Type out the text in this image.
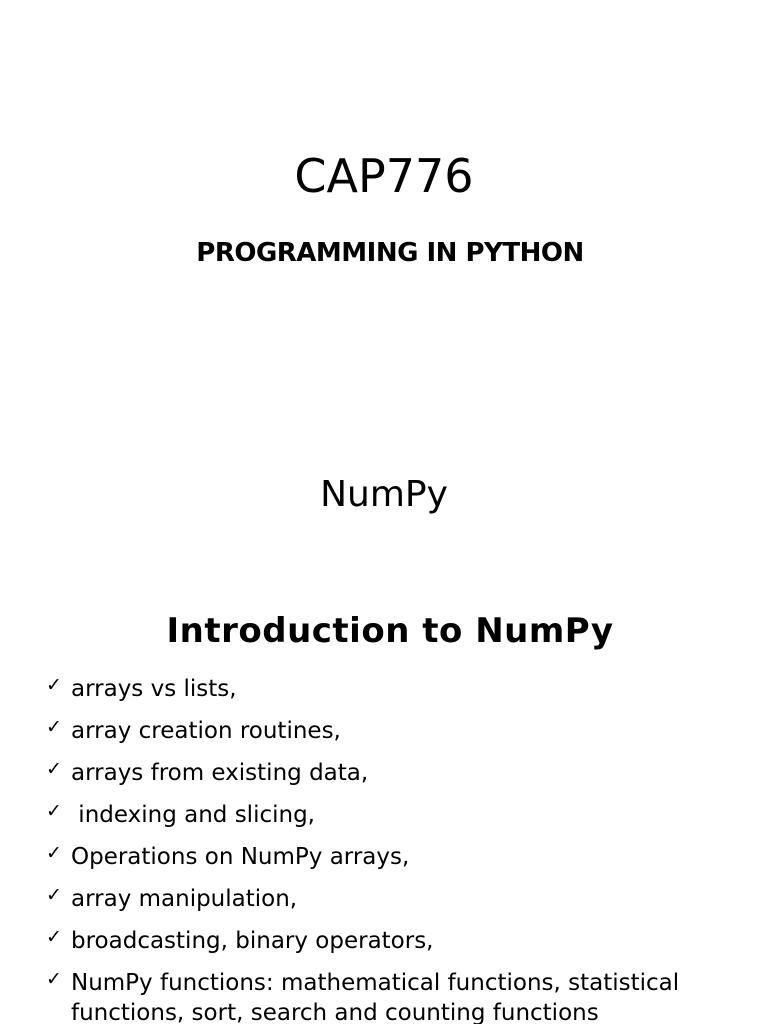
CAP776
PROGRAMMING IN PYTHON
NumPy
Introduction to NumPy
✓ arrays vs lists,
✓ array creation routines,
✓ arrays from existing data,
✓ indexing and slicing,
✓ Operations on NumPy arrays,
✓ array manipulation,
✓ broadcasting, binary operators,
✓ NumPy functions: mathematical functions, statistical functions, sort, search and counting functions
